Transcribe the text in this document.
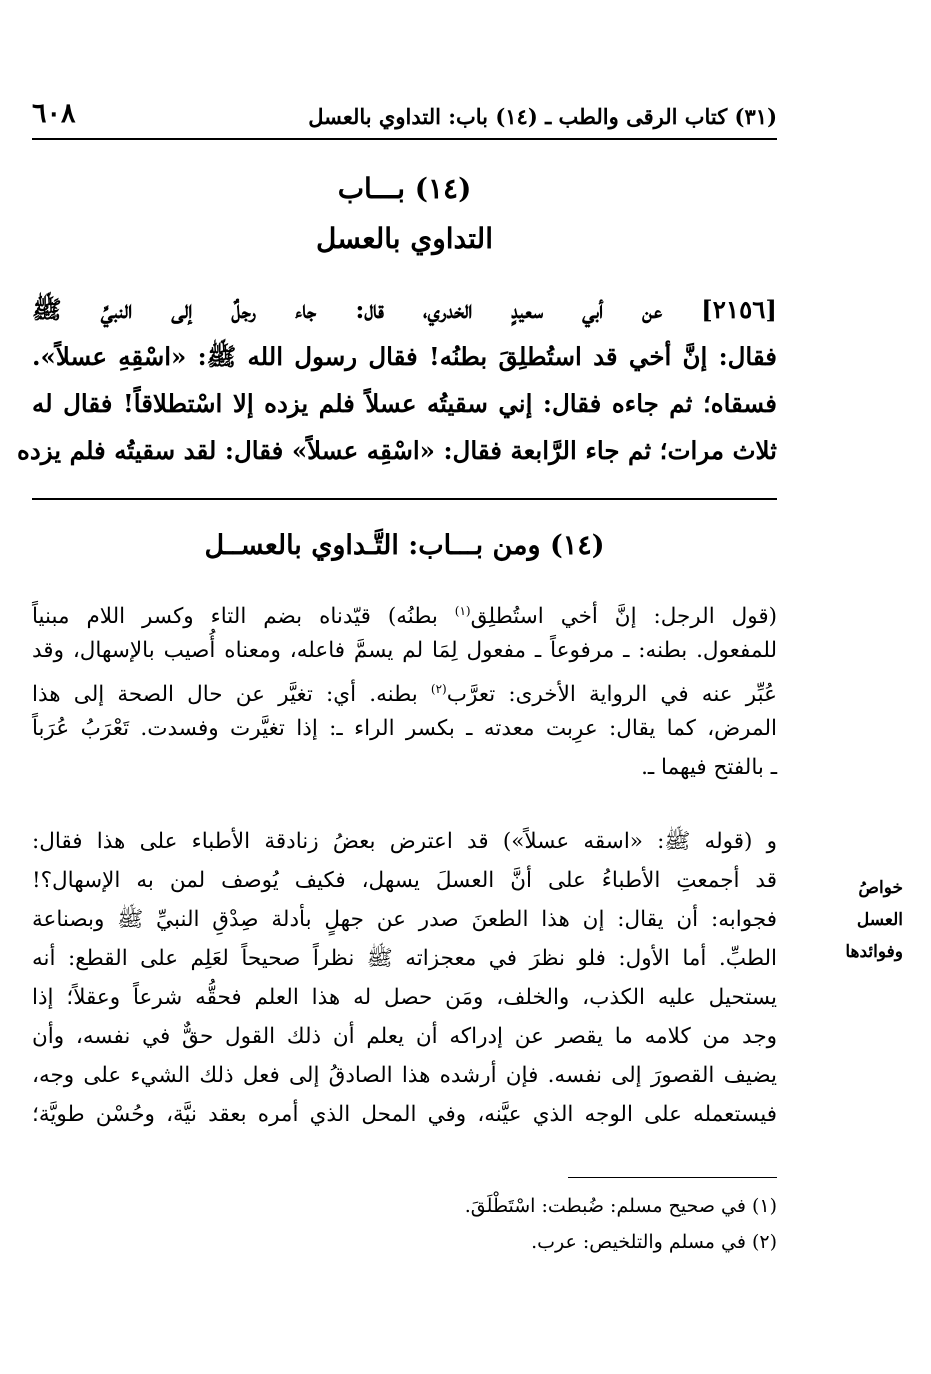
٦٠٨	(٣١) كتاب الرقى والطب ـ (١٤) باب: التداوي بالعسل
(١٤) بـــاب
التداوي بالعسل
[٢١٥٦] عن أبي سعيدٍ الخدري، قال: جاء رجلٌ إلى النبيِّ ﷺ
فقال: إنَّ أخي قد استُطلِقَ بطنُه! فقال رسول الله ﷺ: «اسْقِهِ عسلاً».
فسقاه؛ ثم جاءه فقال: إني سقيتُه عسلاً فلم يزده إلا اسْتطلاقاً! فقال له
ثلاث مرات؛ ثم جاء الرَّابعة فقال: «اسْقِه عسلاً» فقال: لقد سقيتُه فلم يزده
(١٤) ومن بـــاب: التَّـداوي بالعســل
(قول الرجل: إنَّ أخي استُطلِق$^{(١)}$ بطنُه) قيّدناه بضم التاء وكسر اللام مبنياً
للمفعول. بطنه: ـ مرفوعاً ـ مفعول لِمَا لم يسمَّ فاعله، ومعناه أُصيب بالإسهال، وقد
عُبِّر عنه في الرواية الأخرى: تعرَّب$^{(٢)}$ بطنه. أي: تغيَّر عن حال الصحة إلى هذا
المرض، كما يقال: عرِبت معدته ـ بكسر الراء ـ: إذا تغيَّرت وفسدت. تَعْرَبُ عُرَباً
ـ بالفتح فيهما ـ.
و (قوله ﷺ: «اسقه عسلاً») قد اعترض بعضُ زنادقة الأطباء على هذا فقال:
قد أجمعتِ الأطباءُ على أنَّ العسلَ يسهل، فكيف يُوصف لمن به الإسهال؟!
فجوابه: أن يقال: إن هذا الطعنَ صدر عن جهلٍ بأدلة صِدْقِ النبيِّ ﷺ وبصناعة
الطبِّ. أما الأول: فلو نظرَ في معجزاته ﷺ نظراً صحيحاً لعَلِم على القطع: أنه
يستحيل عليه الكذب، والخلف، ومَن حصل له هذا العلم فحقُّه شرعاً وعقلاً؛ إذا
وجد من كلامه ما يقصر عن إدراكه أن يعلم أن ذلك القول حقٌّ في نفسه، وأن
يضيف القصورَ إلى نفسه. فإن أرشده هذا الصادقُ إلى فعل ذلك الشيء على وجه،
فيستعمله على الوجه الذي عيَّنه، وفي المحل الذي أمره بعقد نيَّة، وحُسْن طويَّة؛
خواصُ العسل
وفوائدها
(١) في صحيح مسلم: ضُبطت: اسْتَطْلَقَ.
(٢) في مسلم والتلخيص: عرب.
